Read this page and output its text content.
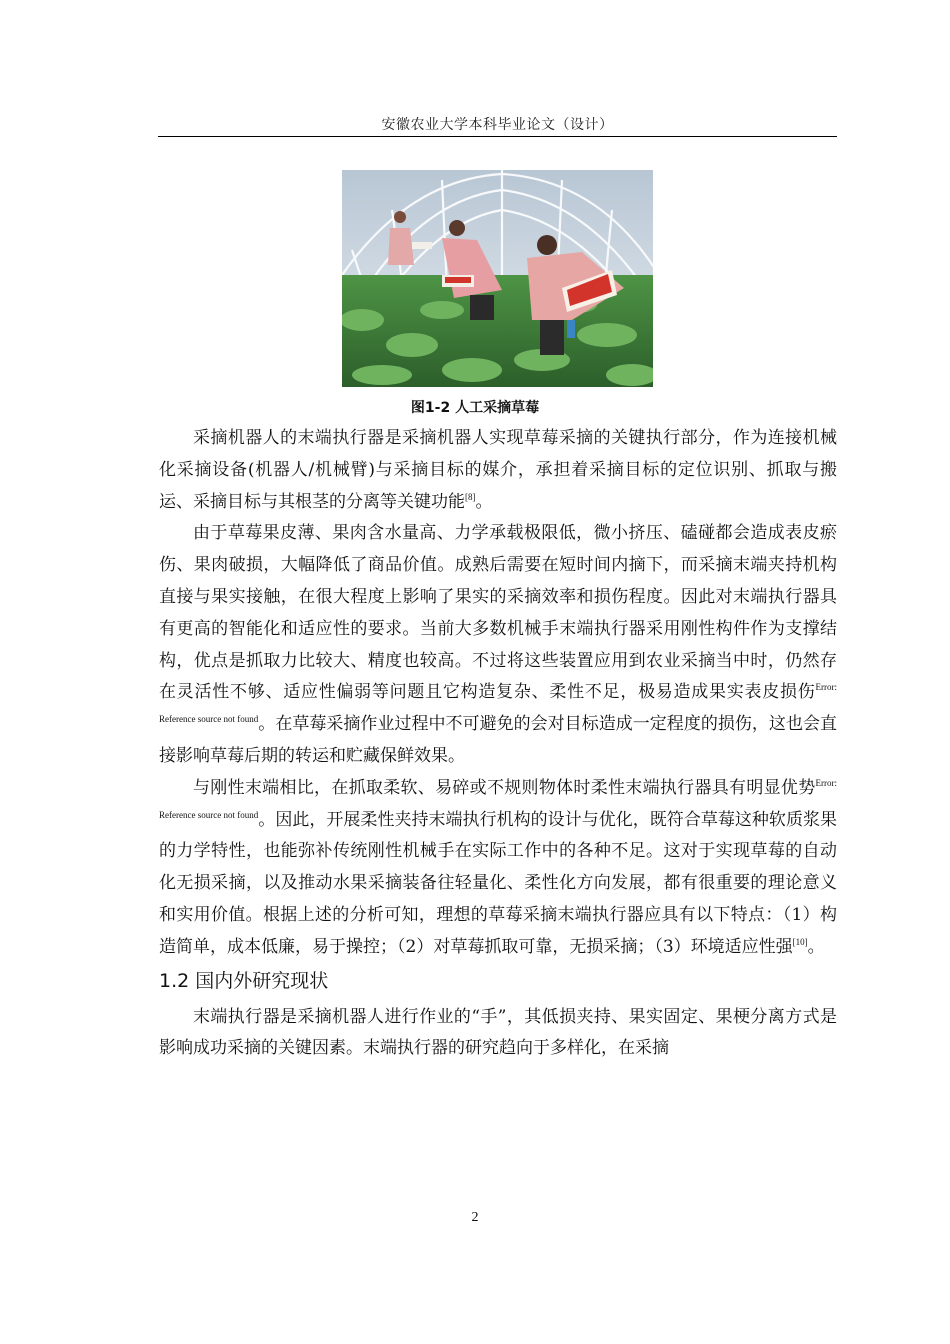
安徽农业大学本科毕业论文（设计）
图1-2 人工采摘草莓

采摘机器人的末端执行器是采摘机器人实现草莓采摘的关键执行部分，作为连接机械化采摘设备(机器人/机械臂)与采摘目标的媒介，承担着采摘目标的定位识别、抓取与搬运、采摘目标与其根茎的分离等关键功能[8]。

由于草莓果皮薄、果肉含水量高、力学承载极限低，微小挤压、磕碰都会造成表皮瘀伤、果肉破损，大幅降低了商品价值。成熟后需要在短时间内摘下，而采摘末端夹持机构直接与果实接触，在很大程度上影响了果实的采摘效率和损伤程度。因此对末端执行器具有更高的智能化和适应性的要求。当前大多数机械手末端执行器采用刚性构件作为支撑结构，优点是抓取力比较大、精度也较高。不过将这些装置应用到农业采摘当中时，仍然存在灵活性不够、适应性偏弱等问题且它构造复杂、柔性不足，极易造成果实表皮损伤$^{Error: Reference source not found}$。在草莓采摘作业过程中不可避免的会对目标造成一定程度的损伤，这也会直接影响草莓后期的转运和贮藏保鲜效果。

与刚性末端相比，在抓取柔软、易碎或不规则物体时柔性末端执行器具有明显优势$^{Error: Reference source not found}$。因此，开展柔性夹持末端执行机构的设计与优化，既符合草莓这种软质浆果的力学特性，也能弥补传统刚性机械手在实际工作中的各种不足。这对于实现草莓的自动化无损采摘，以及推动水果采摘装备往轻量化、柔性化方向发展，都有很重要的理论意义和实用价值。根据上述的分析可知，理想的草莓采摘末端执行器应具有以下特点：（1）构造简单，成本低廉，易于操控；（2）对草莓抓取可靠，无损采摘；（3）环境适应性强[10]。

1.2 国内外研究现状

末端执行器是采摘机器人进行作业的“手”，其低损夹持、果实固定、果梗分离方式是影响成功采摘的关键因素。末端执行器的研究趋向于多样化，在采摘

2
